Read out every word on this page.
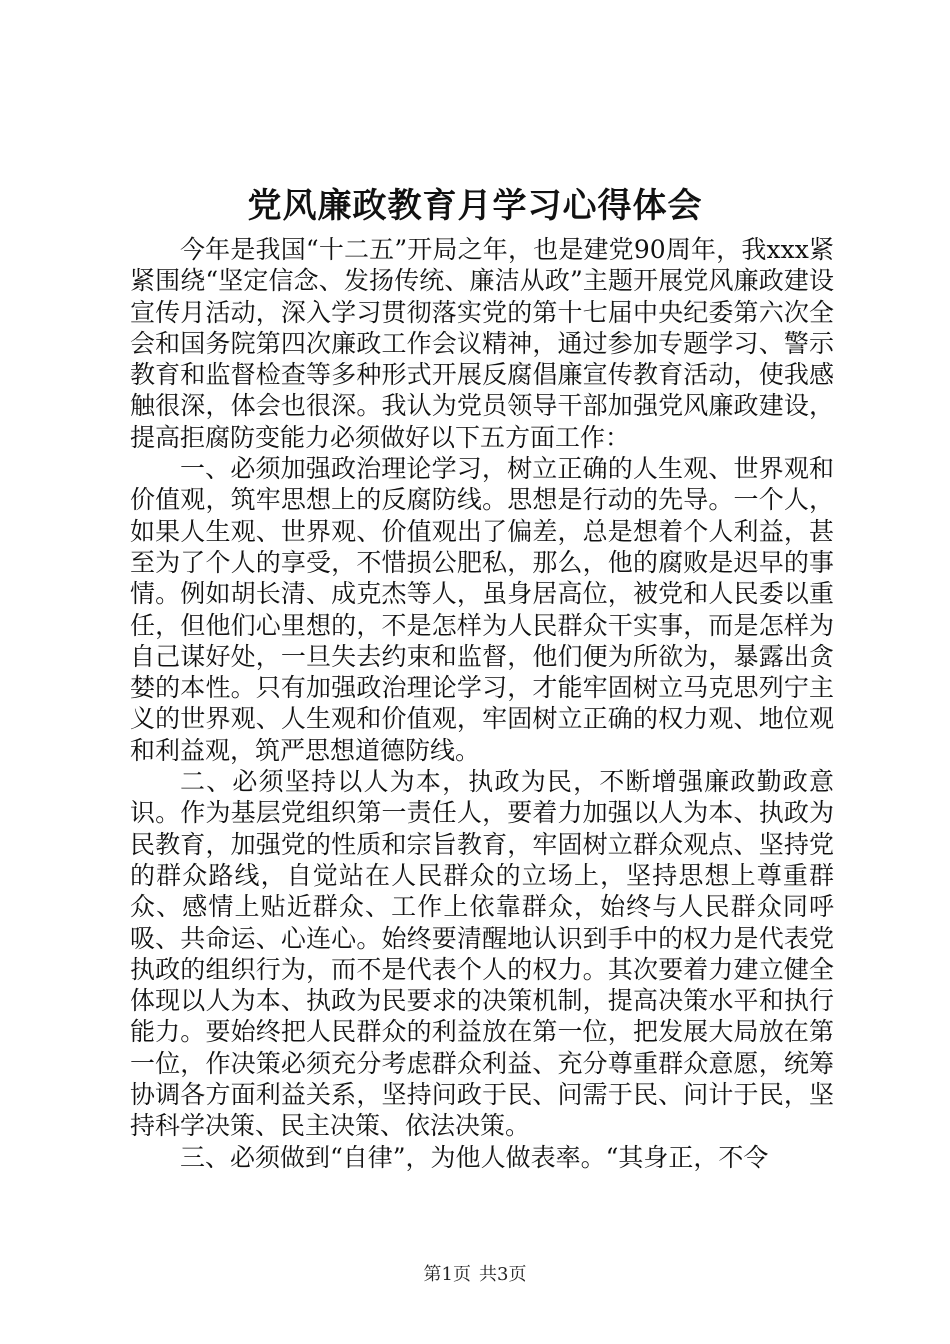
党风廉政教育月学习心得体会

今年是我国“十二五”开局之年，也是建党90周年，我xxx紧紧围绕“坚定信念、发扬传统、廉洁从政”主题开展党风廉政建设宣传月活动，深入学习贯彻落实党的第十七届中央纪委第六次全会和国务院第四次廉政工作会议精神，通过参加专题学习、警示教育和监督检查等多种形式开展反腐倡廉宣传教育活动，使我感触很深，体会也很深。我认为党员领导干部加强党风廉政建设，提高拒腐防变能力必须做好以下五方面工作：

一、必须加强政治理论学习，树立正确的人生观、世界观和价值观，筑牢思想上的反腐防线。思想是行动的先导。一个人，如果人生观、世界观、价值观出了偏差，总是想着个人利益，甚至为了个人的享受，不惜损公肥私，那么，他的腐败是迟早的事情。例如胡长清、成克杰等人，虽身居高位，被党和人民委以重任，但他们心里想的，不是怎样为人民群众干实事，而是怎样为自己谋好处，一旦失去约束和监督，他们便为所欲为，暴露出贪婪的本性。只有加强政治理论学习，才能牢固树立马克思列宁主义的世界观、人生观和价值观，牢固树立正确的权力观、地位观和利益观，筑严思想道德防线。

二、必须坚持以人为本，执政为民，不断增强廉政勤政意识。作为基层党组织第一责任人，要着力加强以人为本、执政为民教育，加强党的性质和宗旨教育，牢固树立群众观点、坚持党的群众路线，自觉站在人民群众的立场上，坚持思想上尊重群众、感情上贴近群众、工作上依靠群众，始终与人民群众同呼吸、共命运、心连心。始终要清醒地认识到手中的权力是代表党执政的组织行为，而不是代表个人的权力。其次要着力建立健全体现以人为本、执政为民要求的决策机制，提高决策水平和执行能力。要始终把人民群众的利益放在第一位，把发展大局放在第一位，作决策必须充分考虑群众利益、充分尊重群众意愿，统筹协调各方面利益关系，坚持问政于民、问需于民、问计于民，坚持科学决策、民主决策、依法决策。

三、必须做到“自律”，为他人做表率。“其身正，不令

第1页 共3页
